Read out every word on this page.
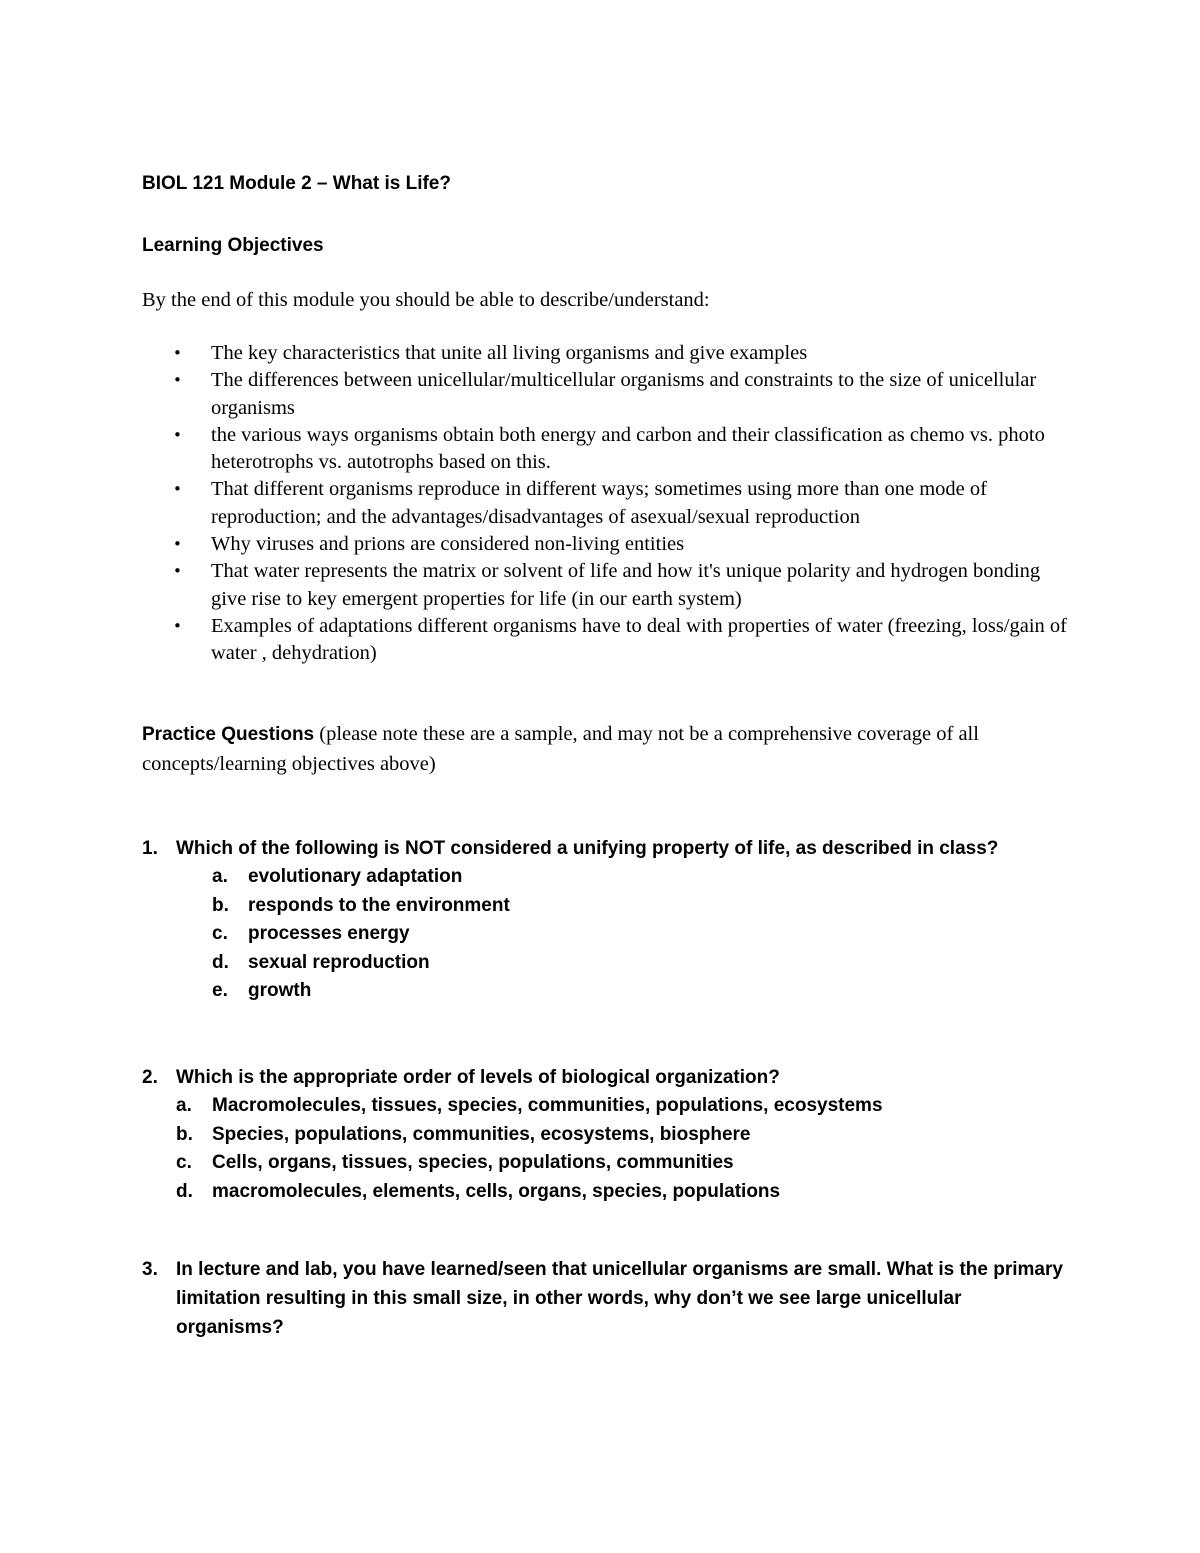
BIOL 121 Module 2 – What is Life?

Learning Objectives

By the end of this module you should be able to describe/understand:

• The key characteristics that unite all living organisms and give examples
• The differences between unicellular/multicellular organisms and constraints to the size of unicellular organisms
• the various ways organisms obtain both energy and carbon and their classification as chemo vs. photo heterotrophs vs. autotrophs based on this.
• That different organisms reproduce in different ways; sometimes using more than one mode of reproduction; and the advantages/disadvantages of asexual/sexual reproduction
• Why viruses and prions are considered non-living entities
• That water represents the matrix or solvent of life and how it's unique polarity and hydrogen bonding give rise to key emergent properties for life (in our earth system)
• Examples of adaptations different organisms have to deal with properties of water (freezing, loss/gain of water , dehydration)

Practice Questions (please note these are a sample, and may not be a comprehensive coverage of all concepts/learning objectives above)

1. Which of the following is NOT considered a unifying property of life, as described in class?

a. evolutionary adaptation
b. responds to the environment
c. processes energy
d. sexual reproduction
e. growth

2. Which is the appropriate order of levels of biological organization?

a. Macromolecules, tissues, species, communities, populations, ecosystems
b. Species, populations, communities, ecosystems, biosphere
c. Cells, organs, tissues, species, populations, communities
d. macromolecules, elements, cells, organs, species, populations

3. In lecture and lab, you have learned/seen that unicellular organisms are small. What is the primary limitation resulting in this small size, in other words, why don’t we see large unicellular organisms?
